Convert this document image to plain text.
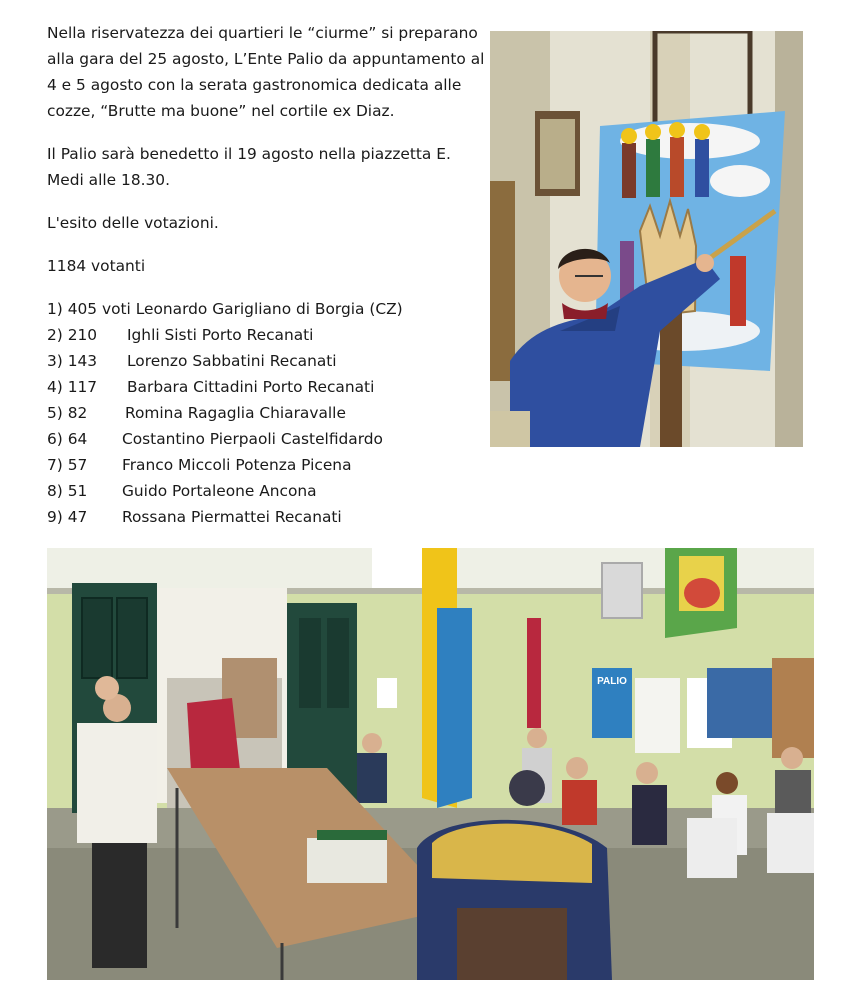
Nella riservatezza dei quartieri le “ciurme” si preparano alla gara del 25 agosto, L’Ente Palio da appuntamento al 4 e 5 agosto con la serata gastronomica dedicata alle cozze, “Brutte ma buone” nel cortile ex Diaz.

Il Palio sarà benedetto il 19 agosto nella piazzetta E. Medi alle 18.30.

L'esito delle votazioni.

1184 votanti

1) 405 voti Leonardo Garigliano di Borgia (CZ)
2) 210 Ighli Sisti Porto Recanati
3) 143 Lorenzo Sabbatini Recanati
4) 117 Barbara Cittadini Porto Recanati
5) 82 Romina Ragaglia Chiaravalle
6) 64 Costantino Pierpaoli Castelfidardo
7) 57 Franco Miccoli Potenza Picena
8) 51 Guido Portaleone Ancona
9) 47 Rossana Piermattei Recanati
PALIO
